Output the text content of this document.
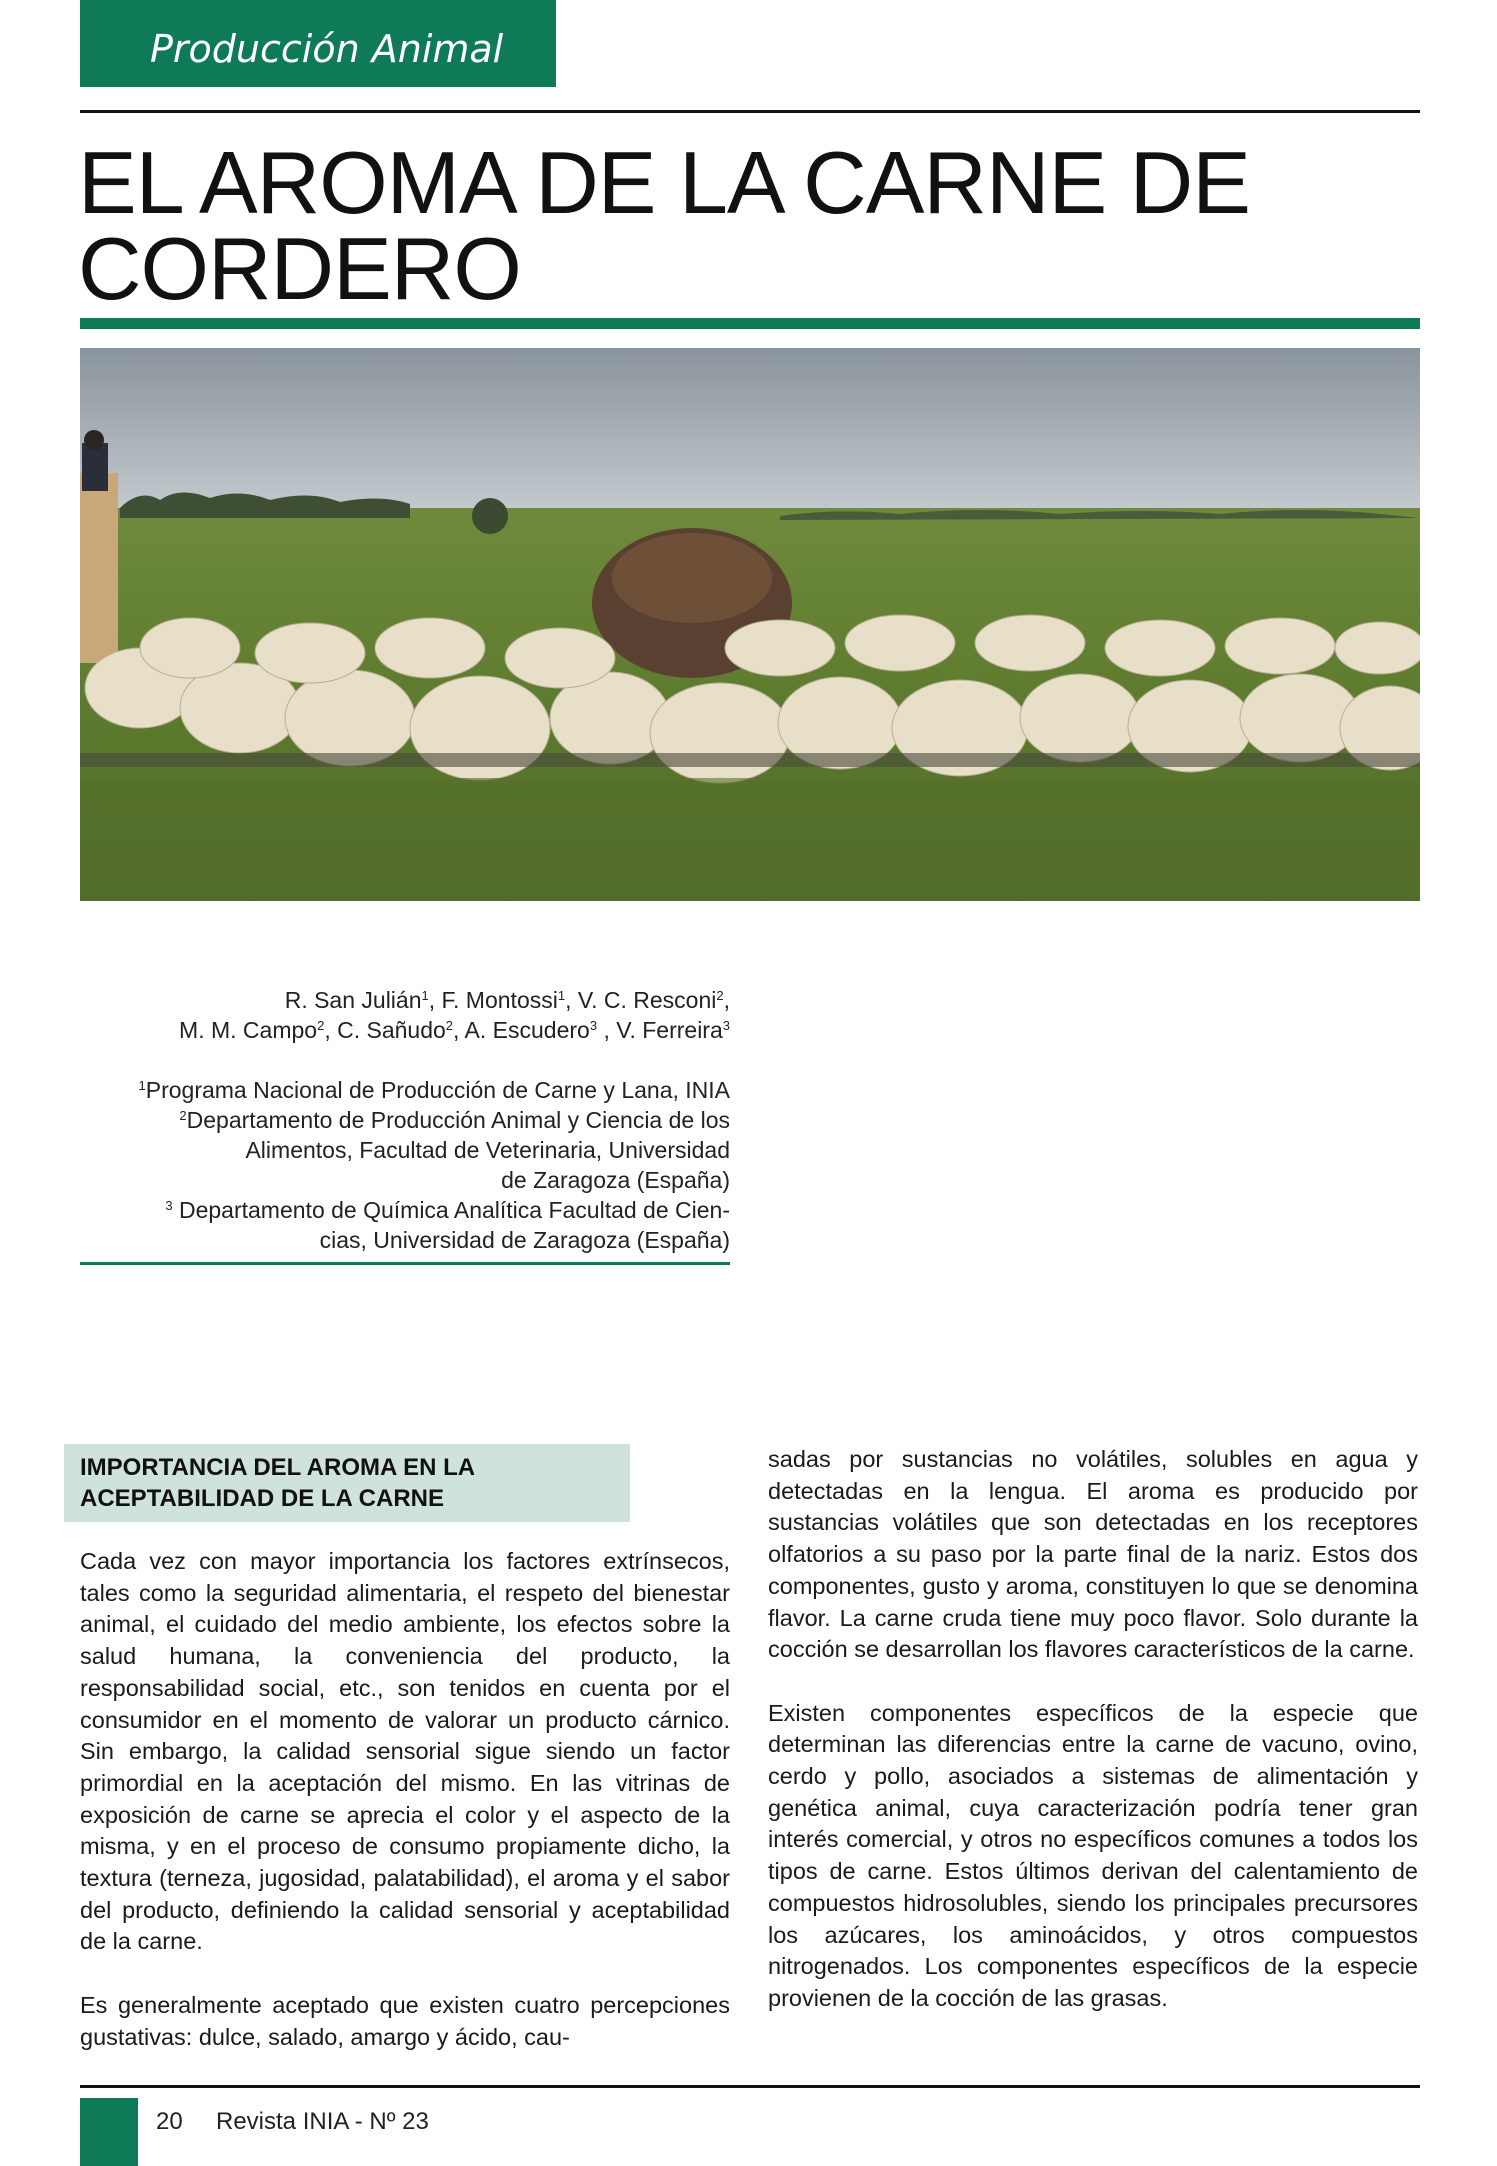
Producción Animal
EL AROMA DE LA CARNE DE
CORDERO
R. San Julián$^1$, F. Montossi$^1$, V. C. Resconi$^2$,
M. M. Campo$^2$, C. Sañudo$^2$, A. Escudero$^3$ , V. Ferreira$^3$
$^1$Programa Nacional de Producción de Carne y Lana, INIA
$^2$Departamento de Producción Animal y Ciencia de los
Alimentos, Facultad de Veterinaria, Universidad
de Zaragoza (España)
$^3$ Departamento de Química Analítica Facultad de Cien-
cias, Universidad de Zaragoza (España)
IMPORTANCIA DEL AROMA EN LA
ACEPTABILIDAD DE LA CARNE

Cada vez con mayor importancia los factores extrínsecos, tales como la seguridad alimentaria, el respeto del bienestar animal, el cuidado del medio ambiente, los efectos sobre la salud humana, la conveniencia del producto, la responsabilidad social, etc., son tenidos en cuenta por el consumidor en el momento de valorar un producto cárnico. Sin embargo, la calidad sensorial sigue siendo un factor primordial en la aceptación del mismo. En las vitrinas de exposición de carne se aprecia el color y el aspecto de la misma, y en el proceso de consumo propiamente dicho, la textura (terneza, jugosidad, palatabilidad), el aroma y el sabor del producto, definiendo la calidad sensorial y aceptabilidad de la carne.

Es generalmente aceptado que existen cuatro percepciones gustativas: dulce, salado, amargo y ácido, cau-

sadas por sustancias no volátiles, solubles en agua y detectadas en la lengua. El aroma es producido por sustancias volátiles que son detectadas en los receptores olfatorios a su paso por la parte final de la nariz. Estos dos componentes, gusto y aroma, constituyen lo que se denomina flavor. La carne cruda tiene muy poco flavor. Solo durante la cocción se desarrollan los flavores característicos de la carne.

Existen componentes específicos de la especie que determinan las diferencias entre la carne de vacuno, ovino, cerdo y pollo, asociados a sistemas de alimentación y genética animal, cuya caracterización podría tener gran interés comercial, y otros no específicos comunes a todos los tipos de carne. Estos últimos derivan del calentamiento de compuestos hidrosolubles, siendo los principales precursores los azúcares, los aminoácidos, y otros compuestos nitrogenados. Los componentes específicos de la especie provienen de la cocción de las grasas.

20 Revista INIA - Nº 23
